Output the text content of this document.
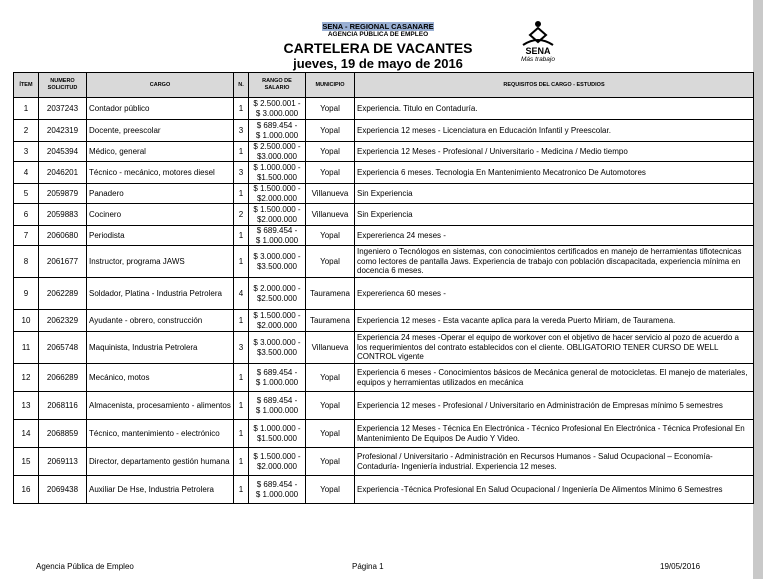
SENA - REGIONAL CASANARE
AGENCIA PÚBLICA DE EMPLEO
CARTELERA DE VACANTES
jueves, 19 de mayo de 2016
SENA
Más trabajo
ÍTEM	NUMERO SOLICITUD	CARGO	N.	RANGO DE SALARIO	MUNICIPIO	REQUISITOS DEL CARGO - ESTUDIOS
1	2037243	Contador público	1	$ 2.500.001 -
$ 3.000.000	Yopal	Experiencia. Titulo en Contaduría.
2	2042319	Docente, preescolar	3	$ 689.454 -
$ 1.000.000	Yopal	Experiencia 12 meses - Licenciatura en Educación Infantil y Preescolar.
3	2045394	Médico, general	1	$ 2.500.000 -
$3.000.000	Yopal	Experiencia 12 Meses - Profesional / Universitario - Medicina / Medio tiempo
4	2046201	Técnico - mecánico, motores diesel	3	$ 1.000.000 -
$1.500.000	Yopal	Experiencia 6 meses. Tecnologia En Mantenimiento Mecatronico De Automotores
5	2059879	Panadero	1	$ 1.500.000 -
$2.000.000	Villanueva	Sin Experiencia
6	2059883	Cocinero	2	$ 1.500.000 -
$2.000.000	Villanueva	Sin Experiencia
7	2060680	Periodista	1	$ 689.454 -
$ 1.000.000	Yopal	Expererienca 24 meses -
8	2061677	Instructor, programa JAWS	1	$ 3.000.000 -
$3.500.000	Yopal	Ingeniero o Tecnólogos en sistemas, con conocimientos certificados en manejo de herramientas tiflotecnicas como lectores de pantalla Jaws. Experiencia de trabajo con población discapacitada, experiencia mínima en docencia 6 meses.
9	2062289	Soldador, Platina - Industria Petrolera	4	$ 2.000.000 -
$2.500.000	Tauramena	Expererienca 60 meses -
10	2062329	Ayudante - obrero, construcción	1	$ 1.500.000 -
$2.000.000	Tauramena	Experiencia 12 meses - Esta vacante aplica para la vereda Puerto Miriam, de Tauramena.
11	2065748	Maquinista, Industria Petrolera	3	$ 3.000.000 -
$3.500.000	Villanueva	Experiencia 24 meses -Operar el equipo de workover con el objetivo de hacer servicio al pozo de acuerdo a los requerimientos del contrato establecidos con el cliente. OBLIGATORIO TENER CURSO DE WELL CONTROL vigente
12	2066289	Mecánico, motos	1	$ 689.454 -
$ 1.000.000	Yopal	Experiencia 6 meses - Conocimientos básicos de Mecánica general de motocicletas. El manejo de materiales, equipos y herramientas utilizados en mecánica
13	2068116	Almacenista, procesamiento - alimentos	1	$ 689.454 -
$ 1.000.000	Yopal	Experiencia 12 meses - Profesional / Universitario en Administración de Empresas mínimo 5 semestres
14	2068859	Técnico, mantenimiento - electrónico	1	$ 1.000.000 -
$1.500.000	Yopal	Experiencia 12 Meses - Técnica En Electrónica - Técnico Profesional En Electrónica - Técnica Profesional En Mantenimiento De Equipos De Audio Y Video.
15	2069113	Director, departamento gestión humana	1	$ 1.500.000 -
$2.000.000	Yopal	Profesional / Universitario - Administración en Recursos Humanos - Salud Ocupacional – Economía- Contaduría- Ingeniería industrial. Experiencia 12 meses.
16	2069438	Auxiliar De Hse, Industria Petrolera	1	$ 689.454 -
$ 1.000.000	Yopal	Experiencia -Técnica Profesional En Salud Ocupacional / Ingeniería De Alimentos Mínimo 6 Semestres
Agencia Pública de Empleo	Página 1	19/05/2016
